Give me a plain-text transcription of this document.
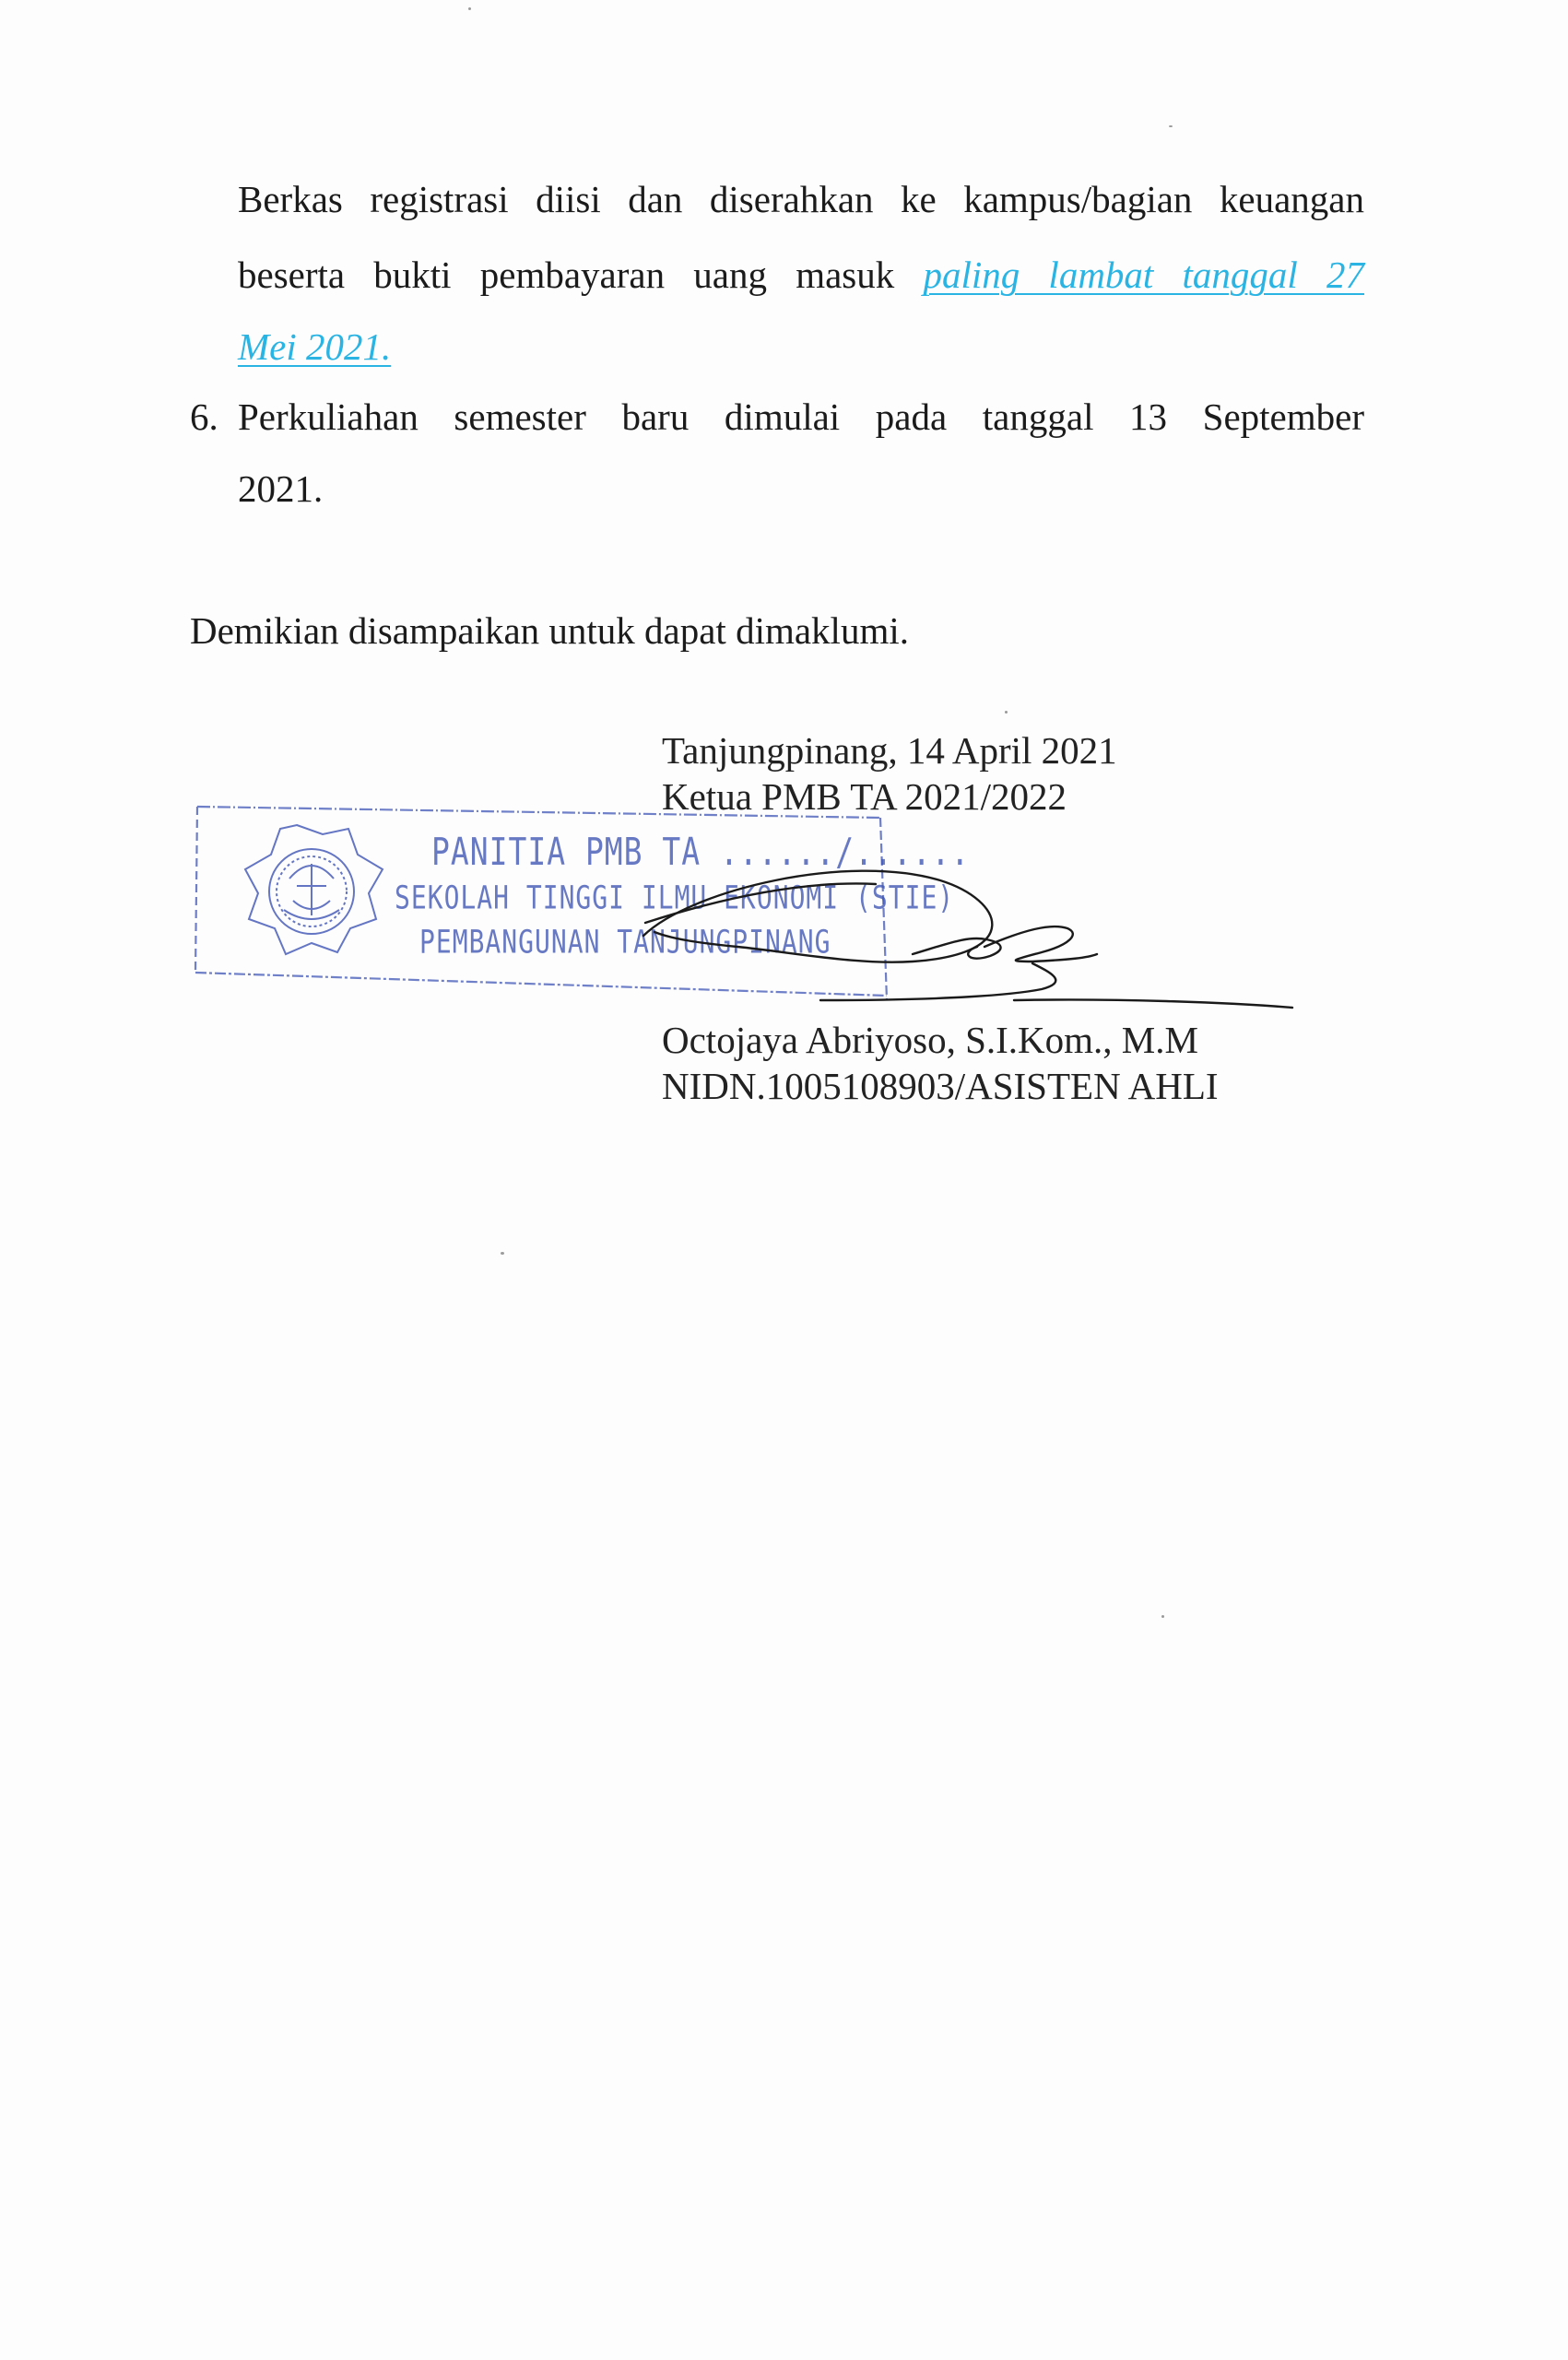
Berkas registrasi diisi dan diserahkan ke kampus/bagian keuangan
beserta bukti pembayaran uang masuk paling lambat tanggal 27
Mei 2021.
6. Perkuliahan semester baru dimulai pada tanggal 13 September
2021.
Demikian disampaikan untuk dapat dimaklumi.
Tanjungpinang, 14 April 2021
Ketua PMB TA 2021/2022
Octojaya Abriyoso, S.I.Kom., M.M
NIDN.1005108903/ASISTEN AHLI
PANITIA PMB TA ....../......
SEKOLAH TINGGI ILMU EKONOMI (STIE)
PEMBANGUNAN TANJUNGPINANG
